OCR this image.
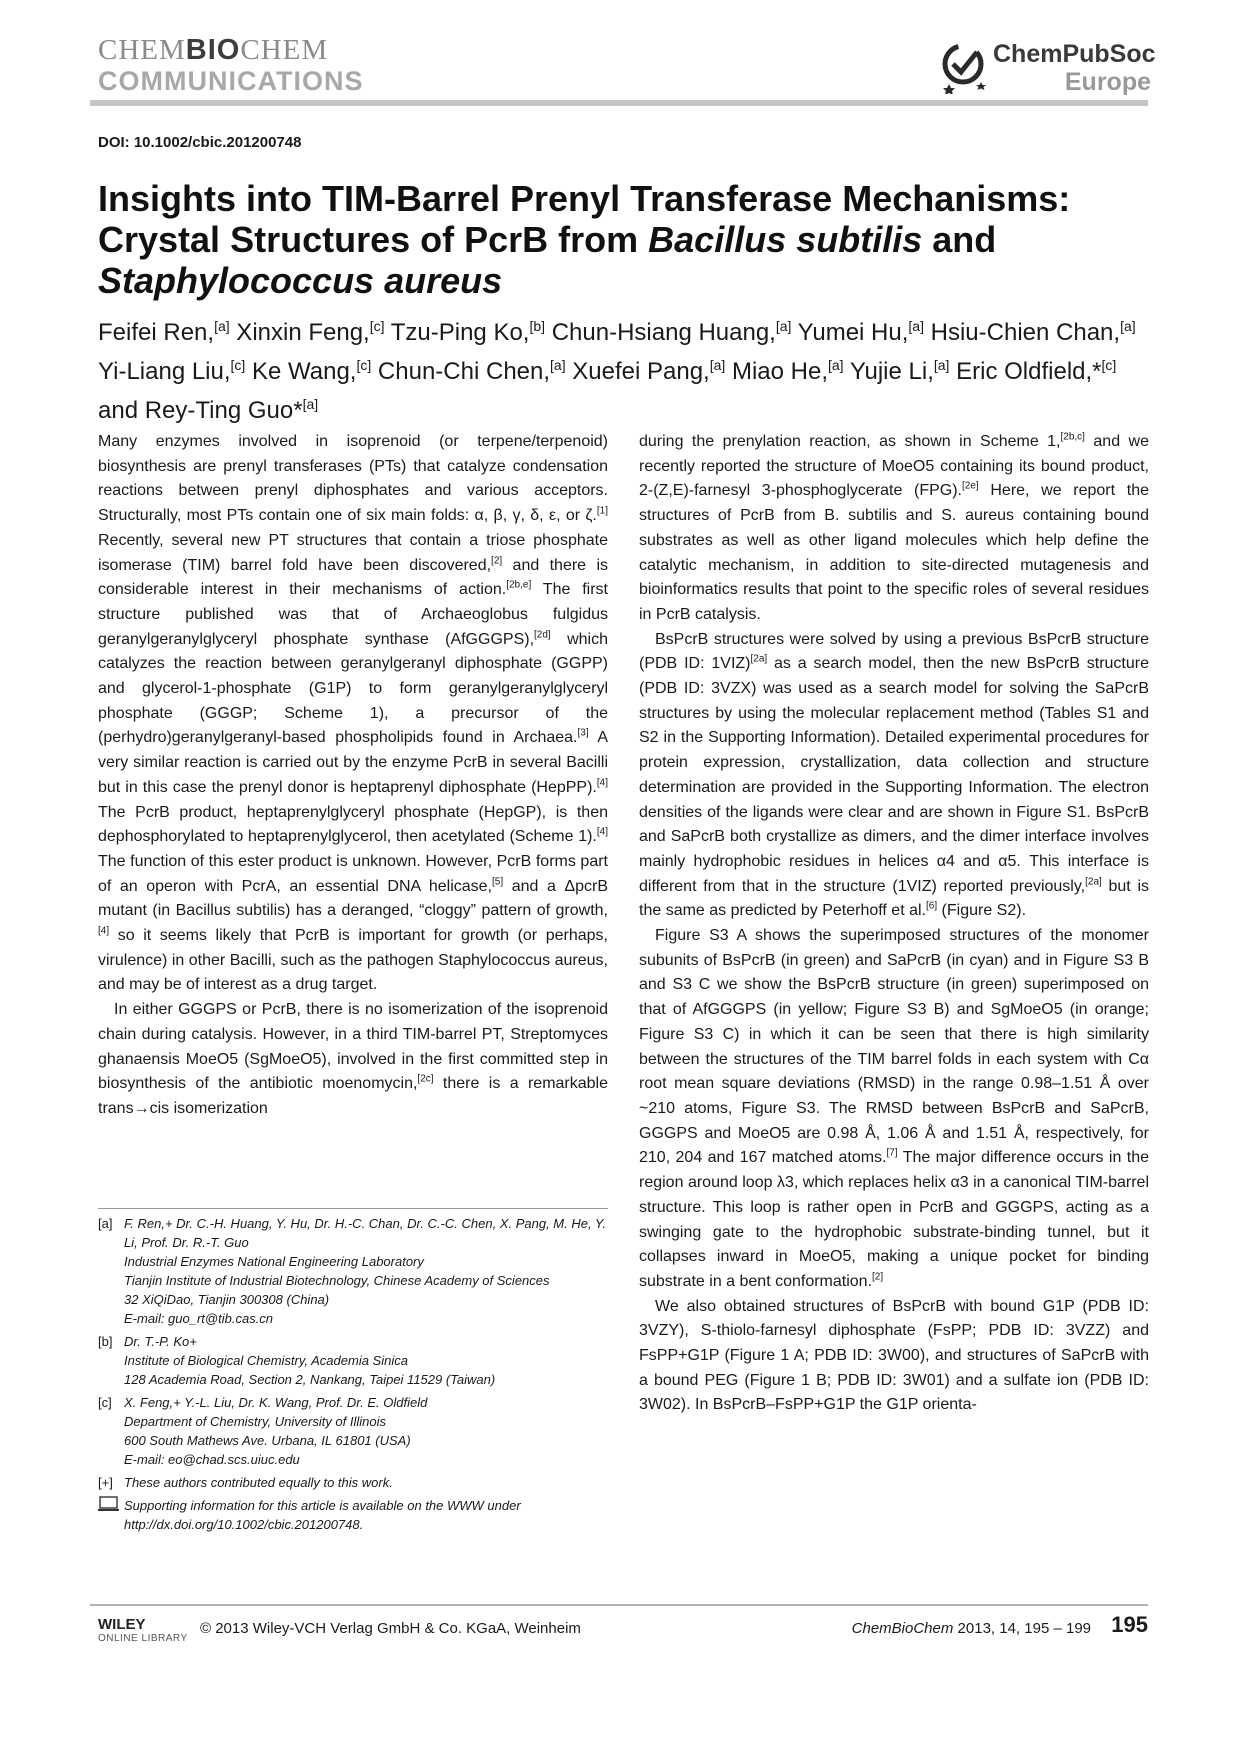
CHEMBIOCHEM
COMMUNICATIONS
ChemPubSoc
Europe
DOI: 10.1002/cbic.201200748
Insights into TIM-Barrel Prenyl Transferase Mechanisms: Crystal Structures of PcrB from Bacillus subtilis and Staphylococcus aureus
Feifei Ren,[a] Xinxin Feng,[c] Tzu-Ping Ko,[b] Chun-Hsiang Huang,[a] Yumei Hu,[a] Hsiu-Chien Chan,[a] Yi-Liang Liu,[c] Ke Wang,[c] Chun-Chi Chen,[a] Xuefei Pang,[a] Miao He,[a] Yujie Li,[a] Eric Oldfield,*[c] and Rey-Ting Guo*[a]

Many enzymes involved in isoprenoid (or terpene/terpenoid) biosynthesis are prenyl transferases (PTs) that catalyze condensation reactions between prenyl diphosphates and various acceptors. Structurally, most PTs contain one of six main folds: α, β, γ, δ, ε, or ζ.[1] Recently, several new PT structures that contain a triose phosphate isomerase (TIM) barrel fold have been discovered,[2] and there is considerable interest in their mechanisms of action.[2b,e] The first structure published was that of Archaeoglobus fulgidus geranylgeranylglyceryl phosphate synthase (AfGGGPS),[2d] which catalyzes the reaction between geranylgeranyl diphosphate (GGPP) and glycerol-1-phosphate (G1P) to form geranylgeranylglyceryl phosphate (GGGP; Scheme 1), a precursor of the (perhydro)geranylgeranyl-based phospholipids found in Archaea.[3] A very similar reaction is carried out by the enzyme PcrB in several Bacilli but in this case the prenyl donor is heptaprenyl diphosphate (HepPP).[4] The PcrB product, heptaprenylglyceryl phosphate (HepGP), is then dephosphorylated to heptaprenylglycerol, then acetylated (Scheme 1).[4] The function of this ester product is unknown. However, PcrB forms part of an operon with PcrA, an essential DNA helicase,[5] and a ΔpcrB mutant (in Bacillus subtilis) has a deranged, “cloggy” pattern of growth,[4] so it seems likely that PcrB is important for growth (or perhaps, virulence) in other Bacilli, such as the pathogen Staphylococcus aureus, and may be of interest as a drug target.

In either GGGPS or PcrB, there is no isomerization of the isoprenoid chain during catalysis. However, in a third TIM-barrel PT, Streptomyces ghanaensis MoeO5 (SgMoeO5), involved in the first committed step in biosynthesis of the antibiotic moenomycin,[2c] there is a remarkable trans→cis isomerization

during the prenylation reaction, as shown in Scheme 1,[2b,c] and we recently reported the structure of MoeO5 containing its bound product, 2-(Z,E)-farnesyl 3-phosphoglycerate (FPG).[2e] Here, we report the structures of PcrB from B. subtilis and S. aureus containing bound substrates as well as other ligand molecules which help define the catalytic mechanism, in addition to site-directed mutagenesis and bioinformatics results that point to the specific roles of several residues in PcrB catalysis.

BsPcrB structures were solved by using a previous BsPcrB structure (PDB ID: 1VIZ)[2a] as a search model, then the new BsPcrB structure (PDB ID: 3VZX) was used as a search model for solving the SaPcrB structures by using the molecular replacement method (Tables S1 and S2 in the Supporting Information). Detailed experimental procedures for protein expression, crystallization, data collection and structure determination are provided in the Supporting Information. The electron densities of the ligands were clear and are shown in Figure S1. BsPcrB and SaPcrB both crystallize as dimers, and the dimer interface involves mainly hydrophobic residues in helices α4 and α5. This interface is different from that in the structure (1VIZ) reported previously,[2a] but is the same as predicted by Peterhoff et al.[6] (Figure S2).

Figure S3 A shows the superimposed structures of the monomer subunits of BsPcrB (in green) and SaPcrB (in cyan) and in Figure S3 B and S3 C we show the BsPcrB structure (in green) superimposed on that of AfGGGPS (in yellow; Figure S3 B) and SgMoeO5 (in orange; Figure S3 C) in which it can be seen that there is high similarity between the structures of the TIM barrel folds in each system with Cα root mean square deviations (RMSD) in the range 0.98–1.51 Å over ~210 atoms, Figure S3. The RMSD between BsPcrB and SaPcrB, GGGPS and MoeO5 are 0.98 Å, 1.06 Å and 1.51 Å, respectively, for 210, 204 and 167 matched atoms.[7] The major difference occurs in the region around loop λ3, which replaces helix α3 in a canonical TIM-barrel structure. This loop is rather open in PcrB and GGGPS, acting as a swinging gate to the hydrophobic substrate-binding tunnel, but it collapses inward in MoeO5, making a unique pocket for binding substrate in a bent conformation.[2]

We also obtained structures of BsPcrB with bound G1P (PDB ID: 3VZY), S-thiolo-farnesyl diphosphate (FsPP; PDB ID: 3VZZ) and FsPP+G1P (Figure 1 A; PDB ID: 3W00), and structures of SaPcrB with a bound PEG (Figure 1 B; PDB ID: 3W01) and a sulfate ion (PDB ID: 3W02). In BsPcrB–FsPP+G1P the G1P orienta-

[a] F. Ren,+ Dr. C.-H. Huang, Y. Hu, Dr. H.-C. Chan, Dr. C.-C. Chen, X. Pang, M. He, Y. Li, Prof. Dr. R.-T. Guo
Industrial Enzymes National Engineering Laboratory
Tianjin Institute of Industrial Biotechnology, Chinese Academy of Sciences
32 XiQiDao, Tianjin 300308 (China)
E-mail: guo_rt@tib.cas.cn
[b] Dr. T.-P. Ko+
Institute of Biological Chemistry, Academia Sinica
128 Academia Road, Section 2, Nankang, Taipei 11529 (Taiwan)
[c] X. Feng,+ Y.-L. Liu, Dr. K. Wang, Prof. Dr. E. Oldfield
Department of Chemistry, University of Illinois
600 South Mathews Ave. Urbana, IL 61801 (USA)
E-mail: eo@chad.scs.uiuc.edu
[+] These authors contributed equally to this work.
Supporting information for this article is available on the WWW under
http://dx.doi.org/10.1002/cbic.201200748.
WILEY
ONLINE LIBRARY
© 2013 Wiley-VCH Verlag GmbH & Co. KGaA, Weinheim	ChemBioChem 2013, 14, 195 – 199 195
